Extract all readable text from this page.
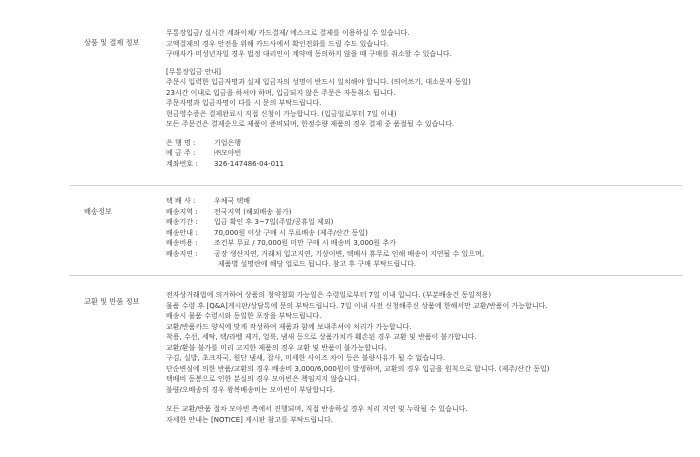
상품 및 결제 정보
무통장입금/ 실시간 계좌이체/ 카드결제/ 에스크로 결제를 이용하실 수 있습니다.
고액결제의 경우 안전을 위해 카드사에서 확인전화를 드릴 수도 있습니다.
구매자가 미성년자일 경우 법정 대리인이 계약에 동의하지 않을 때 구매를 취소할 수 있습니다.
[무통장입금 안내]
주문시 입력한 입금자명과 실제 입금자의 성명이 반드시 일치해야 합니다. (띄어쓰기, 대소문자 동일)
23시간 이내로 입금을 하셔야 하며, 입금되지 않은 주문은 자동취소 됩니다.
주문자명과 입금자명이 다를 시 문의 부탁드립니다.
현금영수증은 결제완료시 직접 신청이 가능합니다. (입금일로부터 7일 이내)
모든 주문건은 결제순으로 제품이 준비되며, 한정수량 제품의 경우 결제 중 품절될 수 있습니다.
은 행 명 :	기업은행
예 금 주 :	㈜모아빈
계좌번호 :	326-147486-04-011
배송정보
택 배 사 :	우체국 택배
배송지역 :	전국지역 (해외배송 불가)
배송기간 :	입금 확인 후 3~7일(주말/공휴일 제외)
배송안내 :	70,000원 이상 구매 시 무료배송 (제주/산간 동일)
배송비용 :	조건부 무료 / 70,000원 미만 구매 시 배송비 3,000원 추가
배송지연 :	공장 생산지연, 거래처 입고지연, 기상이변, 택배사 휴무로 인해 배송이 지연될 수 있으며,
제품별 설명란에 해당 업로드 됩니다. 참고 후 구매 부탁드립니다.
교환 및 반품 정보
전자상거래법에 의거하여 상품의 청약철회 가능일은 수령일로부터 7일 이내 입니다. (부분배송건 동일적용)
물품 수령 후 [Q&A]게시판/상담톡에 문의 부탁드립니다. 7일 이내 사전 신청해주신 상품에 한해서만 교환/반품이 가능합니다.
배송시 물품 수령시와 동일한 포장을 부탁드립니다.
교환/반품카드 양식에 맞게 작성하여 제품과 함께 보내주셔야 처리가 가능합니다.
착용, 수선, 세탁, 택/라벨 제거, 얼룩, 냄새 등으로 상품가치가 훼손된 경우 교환 및 반품이 불가합니다.
교환/환불 불가를 미리 고지한 제품의 경우 교환 및 반품이 불가능합니다.
구김, 실밥, 초크자국, 원단 냄새, 잡사, 미세한 사이즈 차이 등은 불량사유가 될 수 없습니다.
단순변심에 의한 반품/교환의 경우 배송비 3,000/6,000원이 발생하며, 교환의 경우 입금을 원칙으로 합니다. (제주/산간 동일)
택배비 동봉으로 인한 분실의 경우 모아빈은 책임지지 않습니다.
불량/오배송의 경우 왕복배송비는 모아빈이 부담합니다.
모든 교환/반품 절차 모아빈 측에서 진행되며, 직접 반송하실 경우 처리 지연 및 누락될 수 있습니다.
자세한 안내는 [NOTICE] 게시판 참고를 부탁드립니다.
